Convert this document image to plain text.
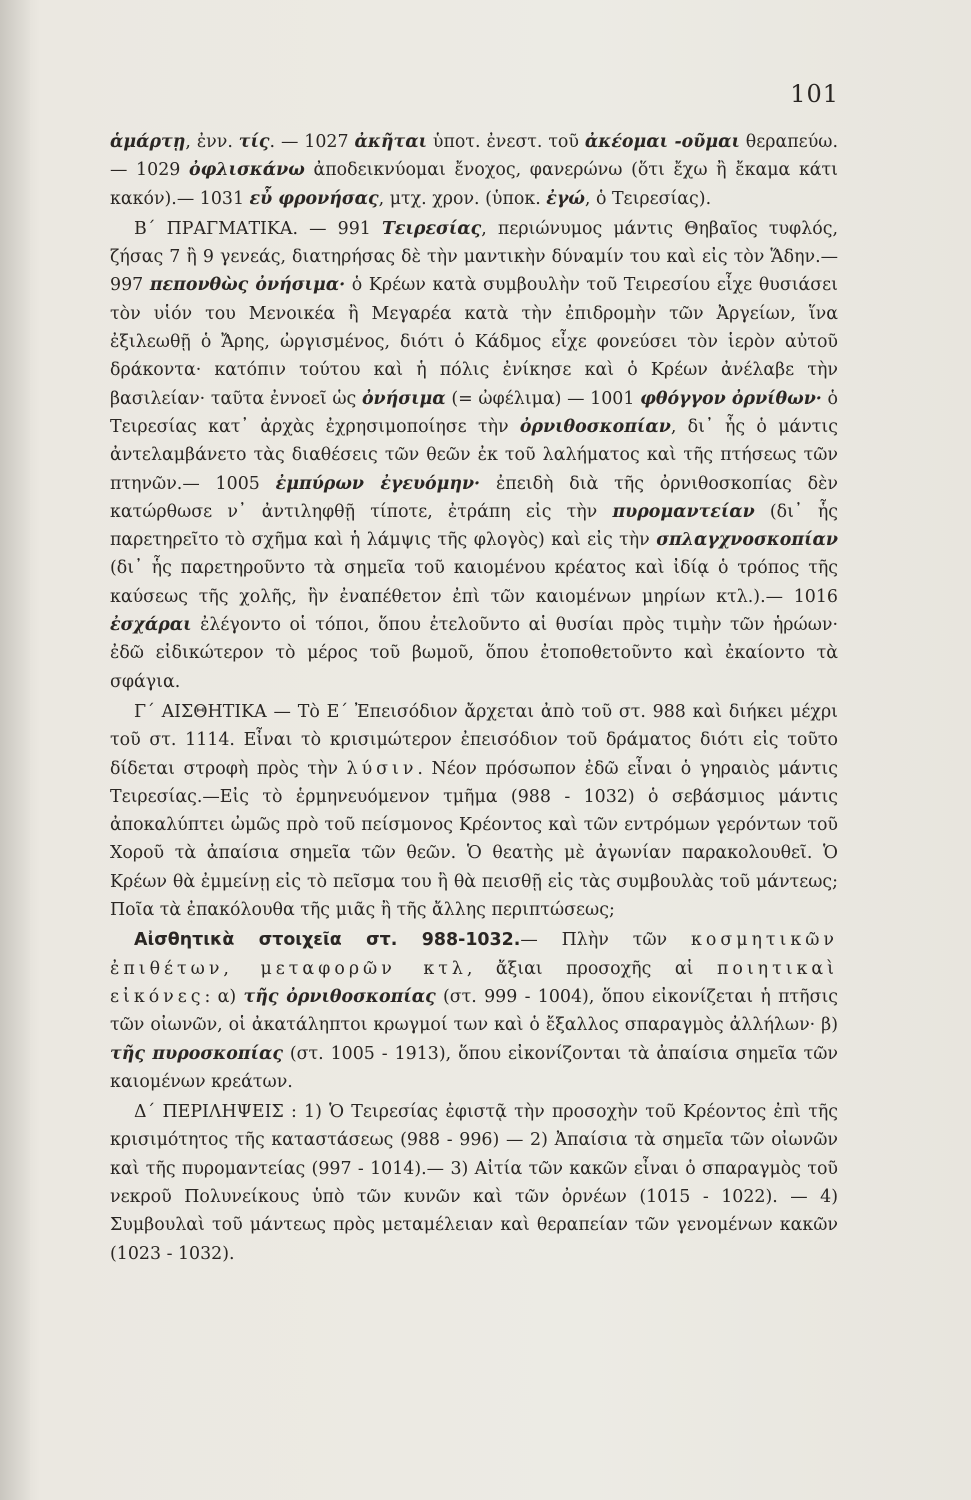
101

ἁμάρτῃ, ἐνν. τίς. — 1027 ἀκῆται ὑποτ. ἐνεστ. τοῦ ἀκέομαι -οῦμαι θεραπεύω.— 1029 ὀφλισκάνω ἀποδεικνύομαι ἔνοχος, φανερώνω (ὅτι ἔχω ἢ ἔκαμα κάτι κακόν).— 1031 εὖ φρονήσας, μτχ. χρον. (ὑποκ. ἐγώ, ὁ Τειρεσίας).

Β΄ ΠΡΑΓΜΑΤΙΚΑ. — 991 Τειρεσίας, περιώνυμος μάντις Θηβαῖος τυφλός, ζήσας 7 ἢ 9 γενεάς, διατηρήσας δὲ τὴν μαντικὴν δύναμίν του καὶ εἰς τὸν Ἅδην.— 997 πεπονθὼς ὀνήσιμα· ὁ Κρέων κατὰ συμβουλὴν τοῦ Τειρεσίου εἶχε θυσιάσει τὸν υἱόν του Μενοικέα ἢ Μεγαρέα κατὰ τὴν ἐπιδρομὴν τῶν Ἀργείων, ἵνα ἐξιλεωθῇ ὁ Ἄρης, ὠργισμένος, διότι ὁ Κάδμος εἶχε φονεύσει τὸν ἱερὸν αὐτοῦ δράκοντα· κατόπιν τούτου καὶ ἡ πόλις ἐνίκησε καὶ ὁ Κρέων ἀνέλαβε τὴν βασιλείαν· ταῦτα ἐννοεῖ ὡς ὀνήσιμα (= ὠφέλιμα) — 1001 φθόγγον ὀρνίθων· ὁ Τειρεσίας κατ᾿ ἀρχὰς ἐχρησιμοποίησε τὴν ὀρνιθοσκοπίαν, δι᾿ ἧς ὁ μάντις ἀντελαμβάνετο τὰς διαθέσεις τῶν θεῶν ἐκ τοῦ λαλήματος καὶ τῆς πτήσεως τῶν πτηνῶν.— 1005 ἐμπύρων ἐγευόμην· ἐπειδὴ διὰ τῆς ὀρνιθοσκοπίας δὲν κατώρθωσε ν᾿ ἀντιληφθῇ τίποτε, ἐτράπη εἰς τὴν πυρομαντείαν (δι᾿ ἧς παρετηρεῖτο τὸ σχῆμα καὶ ἡ λάμψις τῆς φλογὸς) καὶ εἰς τὴν σπλαγχνοσκοπίαν (δι᾿ ἧς παρετηροῦντο τὰ σημεῖα τοῦ καιομένου κρέατος καὶ ἰδίᾳ ὁ τρόπος τῆς καύσεως τῆς χολῆς, ἣν ἐναπέθετον ἐπὶ τῶν καιομένων μηρίων κτλ.).— 1016 ἐσχάραι ἐλέγοντο οἱ τόποι, ὅπου ἐτελοῦντο αἱ θυσίαι πρὸς τιμὴν τῶν ἡρώων· ἐδῶ εἰδικώτερον τὸ μέρος τοῦ βωμοῦ, ὅπου ἐτοποθετοῦντο καὶ ἐκαίοντο τὰ σφάγια.

Γ΄ ΑΙΣΘΗΤΙΚΑ — Τὸ Ε΄ Ἐπεισόδιον ἄρχεται ἀπὸ τοῦ στ. 988 καὶ διήκει μέχρι τοῦ στ. 1114. Εἶναι τὸ κρισιμώτερον ἐπεισόδιον τοῦ δράματος διότι εἰς τοῦτο δίδεται στροφὴ πρὸς τὴν λύσιν. Νέον πρόσωπον ἐδῶ εἶναι ὁ γηραιὸς μάντις Τειρεσίας.—Εἰς τὸ ἑρμηνευόμενον τμῆμα (988 - 1032) ὁ σεβάσμιος μάντις ἀποκαλύπτει ὠμῶς πρὸ τοῦ πείσμονος Κρέοντος καὶ τῶν εντρόμων γερόντων τοῦ Χοροῦ τὰ ἀπαίσια σημεῖα τῶν θεῶν. Ὁ θεατὴς μὲ ἀγωνίαν παρακολουθεῖ. Ὁ Κρέων θὰ ἐμμείνῃ εἰς τὸ πεῖσμα του ἢ θὰ πεισθῇ εἰς τὰς συμβουλὰς τοῦ μάντεως; Ποῖα τὰ ἐπακόλουθα τῆς μιᾶς ἢ τῆς ἄλλης περιπτώσεως;

Αἰσθητικὰ στοιχεῖα στ. 988-1032.— Πλὴν τῶν κοσμητικῶν ἐπιθέτων, μεταφορῶν κτλ, ἄξιαι προσοχῆς αἱ ποιητικαὶ εἰκόνες: α) τῆς ὀρνιθοσκοπίας (στ. 999 - 1004), ὅπου εἰκονίζεται ἡ πτῆσις τῶν οἰωνῶν, οἱ ἀκατάληπτοι κρωγμοί των καὶ ὁ ἔξαλλος σπαραγμὸς ἀλλήλων· β) τῆς πυροσκοπίας (στ. 1005 - 1913), ὅπου εἰκονίζονται τὰ ἀπαίσια σημεῖα τῶν καιομένων κρεάτων.

Δ΄ ΠΕΡΙΛΗΨΕΙΣ : 1) Ὁ Τειρεσίας ἐφιστᾷ τὴν προσοχὴν τοῦ Κρέοντος ἐπὶ τῆς κρισιμότητος τῆς καταστάσεως (988 - 996) — 2) Ἀπαίσια τὰ σημεῖα τῶν οἰωνῶν καὶ τῆς πυρομαντείας (997 - 1014).— 3) Αἰτία τῶν κακῶν εἶναι ὁ σπαραγμὸς τοῦ νεκροῦ Πολυνείκους ὑπὸ τῶν κυνῶν καὶ τῶν ὀρνέων (1015 - 1022). — 4) Συμβουλαὶ τοῦ μάντεως πρὸς μεταμέλειαν καὶ θεραπείαν τῶν γενομένων κακῶν (1023 - 1032).
